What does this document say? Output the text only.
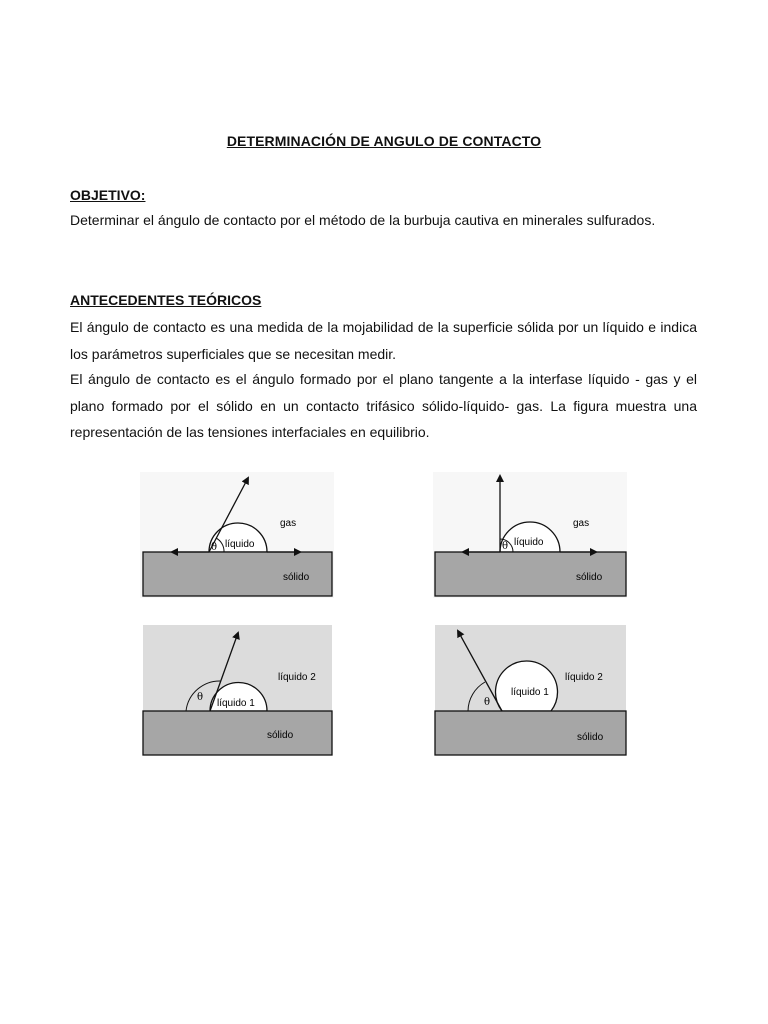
DETERMINACIÓN DE ANGULO DE CONTACTO
OBJETIVO:
Determinar el ángulo de contacto por el método de la burbuja cautiva en minerales sulfurados.
ANTECEDENTES TEÓRICOS
El ángulo de contacto es una medida de la mojabilidad de la superficie sólida por un líquido e indica los parámetros superficiales que se necesitan medir.
El ángulo de contacto es el ángulo formado por el plano tangente a la interfase líquido - gas y el plano formado por el sólido en un contacto trifásico sólido-líquido- gas. La figura muestra una representación de las tensiones interfaciales en equilibrio.
θ líquido
gas
sólido
θ líquido
gas
sólido
θ
líquido 1
líquido 2
sólido
θ
líquido 1
líquido 2
sólido
